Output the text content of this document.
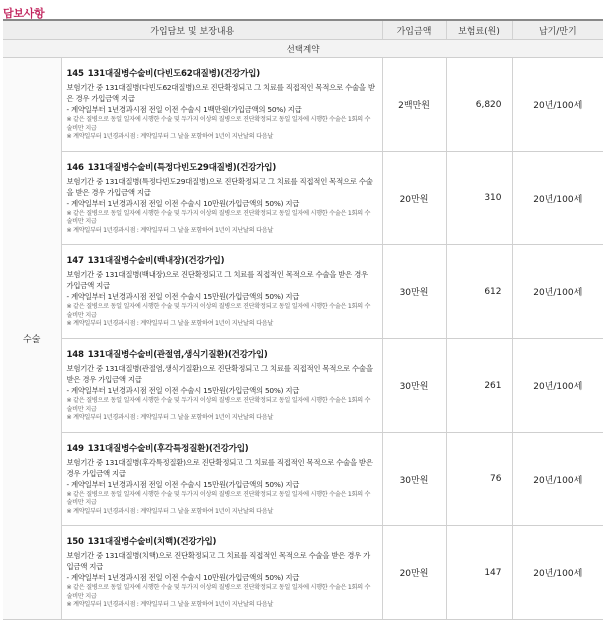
담보사항
가입담보 및 보장내용		가입금액	보험료(원)	납기/만기
선택계약				
수술	145 131대질병수술비(다빈도62대질병)(건강가입)
보험기간 중 131대질병(다빈도62대질병)으로 진단확정되고 그 치료를 직접적인 목적으로 수술을 받은 경우 가입금액 지급
- 계약일부터 1년경과시점 전일 이전 수술시 1백만원(가입금액의 50%) 지급
※ 같은 질병으로 동일 일자에 시행한 수술 및 두가지 이상의 질병으로 진단확정되고 동일 일자에 시행한 수술은 1회의 수술비만 지급
※ 계약일부터 1년경과시점 : 계약일부터 그 날을 포함하여 1년이 지난날의 다음날	2백만원	6,820	20년/100세

	146 131대질병수술비(특정다빈도29대질병)(건강가입)
보험기간 중 131대질병(특정다빈도29대질병)으로 진단확정되고 그 치료를 직접적인 목적으로 수술을 받은 경우 가입금액 지급
- 계약일부터 1년경과시점 전일 이전 수술시 10만원(가입금액의 50%) 지급
※ 같은 질병으로 동일 일자에 시행한 수술 및 두가지 이상의 질병으로 진단확정되고 동일 일자에 시행한 수술은 1회의 수술비만 지급
※ 계약일부터 1년경과시점 : 계약일부터 그 날을 포함하여 1년이 지난날의 다음날	20만원	310	20년/100세

	147 131대질병수술비(백내장)(건강가입)
보험기간 중 131대질병(백내장)으로 진단확정되고 그 치료를 직접적인 목적으로 수술을 받은 경우 가입금액 지급
- 계약일부터 1년경과시점 전일 이전 수술시 15만원(가입금액의 50%) 지급
※ 같은 질병으로 동일 일자에 시행한 수술 및 두가지 이상의 질병으로 진단확정되고 동일 일자에 시행한 수술은 1회의 수술비만 지급
※ 계약일부터 1년경과시점 : 계약일부터 그 날을 포함하여 1년이 지난날의 다음날	30만원	612	20년/100세

	148 131대질병수술비(관절염,생식기질환)(건강가입)
보험기간 중 131대질병(관절염,생식기질환)으로 진단확정되고 그 치료를 직접적인 목적으로 수술을 받은 경우 가입금액 지급
- 계약일부터 1년경과시점 전일 이전 수술시 15만원(가입금액의 50%) 지급
※ 같은 질병으로 동일 일자에 시행한 수술 및 두가지 이상의 질병으로 진단확정되고 동일 일자에 시행한 수술은 1회의 수술비만 지급
※ 계약일부터 1년경과시점 : 계약일부터 그 날을 포함하여 1년이 지난날의 다음날	30만원	261	20년/100세

	149 131대질병수술비(후각특정질환)(건강가입)
보험기간 중 131대질병(후각특정질환)으로 진단확정되고 그 치료를 직접적인 목적으로 수술을 받은 경우 가입금액 지급
- 계약일부터 1년경과시점 전일 이전 수술시 15만원(가입금액의 50%) 지급
※ 같은 질병으로 동일 일자에 시행한 수술 및 두가지 이상의 질병으로 진단확정되고 동일 일자에 시행한 수술은 1회의 수술비만 지급
※ 계약일부터 1년경과시점 : 계약일부터 그 날을 포함하여 1년이 지난날의 다음날	30만원	76	20년/100세

	150 131대질병수술비(치핵)(건강가입)
보험기간 중 131대질병(치핵)으로 진단확정되고 그 치료를 직접적인 목적으로 수술을 받은 경우 가입금액 지급
- 계약일부터 1년경과시점 전일 이전 수술시 10만원(가입금액의 50%) 지급
※ 같은 질병으로 동일 일자에 시행한 수술 및 두가지 이상의 질병으로 진단확정되고 동일 일자에 시행한 수술은 1회의 수술비만 지급
※ 계약일부터 1년경과시점 : 계약일부터 그 날을 포함하여 1년이 지난날의 다음날	20만원	147	20년/100세
